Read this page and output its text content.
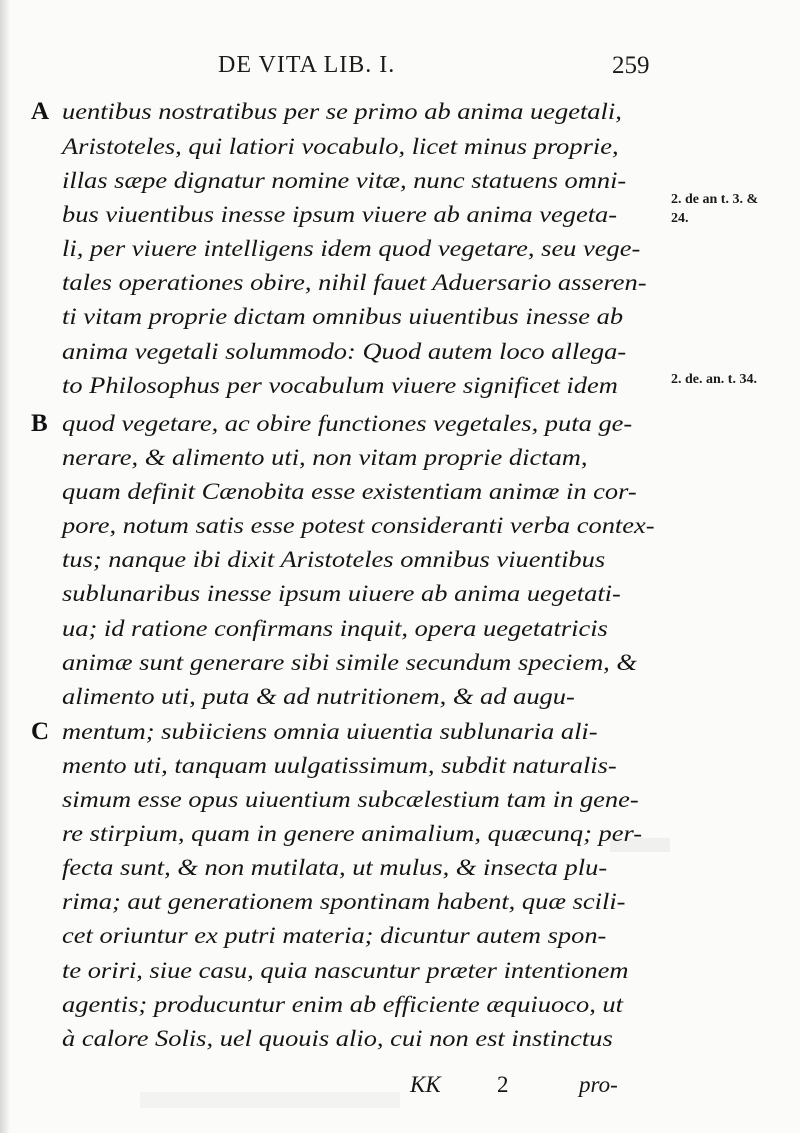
DE VITA LIB. I.	259
A
B
C
uentibus nostratibus per se primo ab anima uegetali,
Aristoteles, qui latiori vocabulo, licet minus proprie,
illas sæpe dignatur nomine vitæ, nunc statuens omni-
bus viuentibus inesse ipsum viuere ab anima vegeta-
li, per viuere intelligens idem quod vegetare, seu vege-
tales operationes obire, nihil fauet Aduersario asseren-
ti vitam proprie dictam omnibus uiuentibus inesse ab
anima vegetali solummodo: Quod autem loco allega-
to Philosophus per vocabulum viuere significet idem
quod vegetare, ac obire functiones vegetales, puta ge-
nerare, & alimento uti, non vitam proprie dictam,
quam definit Cænobita esse existentiam animæ in cor-
pore, notum satis esse potest consideranti verba contex-
tus; nanque ibi dixit Aristoteles omnibus viuentibus
sublunaribus inesse ipsum uiuere ab anima uegetati-
ua; id ratione confirmans inquit, opera uegetatricis
animæ sunt generare sibi simile secundum speciem, &
alimento uti, puta & ad nutritionem, & ad augu-
mentum; subiiciens omnia uiuentia sublunaria ali-
mento uti, tanquam uulgatissimum, subdit naturalis-
simum esse opus uiuentium subcælestium tam in gene-
re stirpium, quam in genere animalium, quæcunq; per-
fecta sunt, & non mutilata, ut mulus, & insecta plu-
rima; aut generationem spontinam habent, quæ scili-
cet oriuntur ex putri materia; dicuntur autem spon-
te oriri, siue casu, quia nascuntur præter intentionem
agentis; producuntur enim ab efficiente æquiuoco, ut
à calore Solis, uel quouis alio, cui non est instinctus
2. de an t. 3. &
24.
2. de. an. t. 34.
KK 2	pro-
